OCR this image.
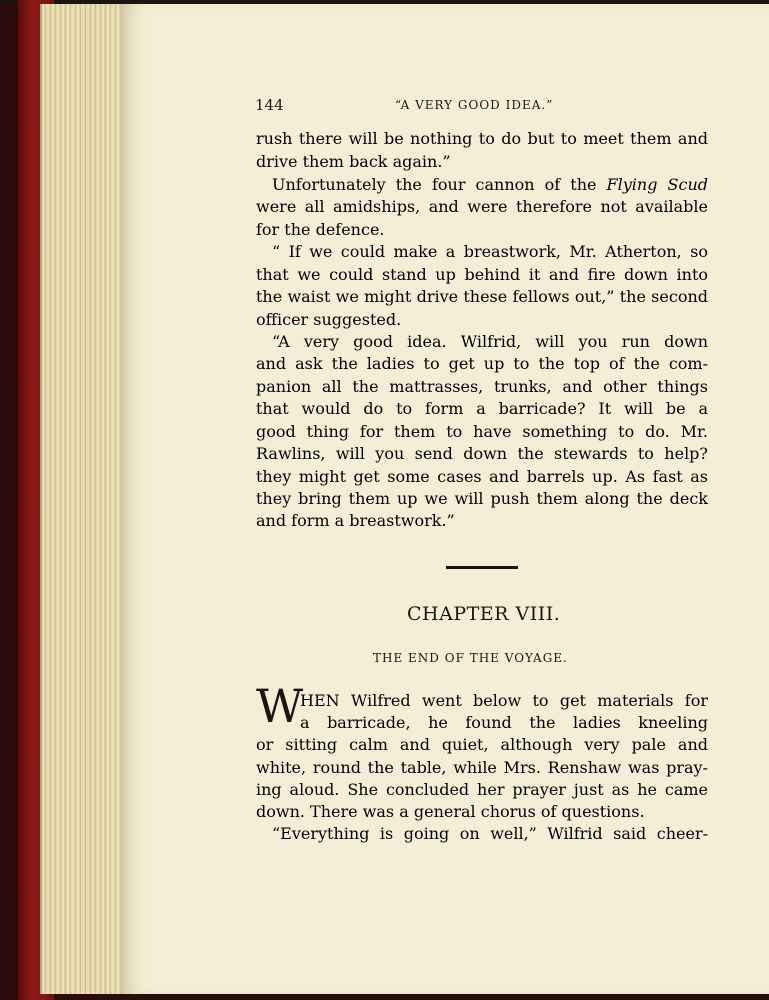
144	“A VERY GOOD IDEA.”
rush there will be nothing to do but to meet them and
drive them back again.”
Unfortunately the four cannon of the Flying Scud
were all amidships, and were therefore not available
for the defence.
“ If we could make a breastwork, Mr. Atherton, so
that we could stand up behind it and fire down into
the waist we might drive these fellows out,” the second
officer suggested.
“A very good idea. Wilfrid, will you run down
and ask the ladies to get up to the top of the com-
panion all the mattrasses, trunks, and other things
that would do to form a barricade? It will be a
good thing for them to have something to do. Mr.
Rawlins, will you send down the stewards to help?
they might get some cases and barrels up. As fast as
they bring them up we will push them along the deck
and form a breastwork.”
CHAPTER VIII.
THE END OF THE VOYAGE.
W
HEN Wilfred went below to get materials for
a barricade, he found the ladies kneeling
or sitting calm and quiet, although very pale and
white, round the table, while Mrs. Renshaw was pray-
ing aloud. She concluded her prayer just as he came
down. There was a general chorus of questions.
“Everything is going on well,” Wilfrid said cheer-
